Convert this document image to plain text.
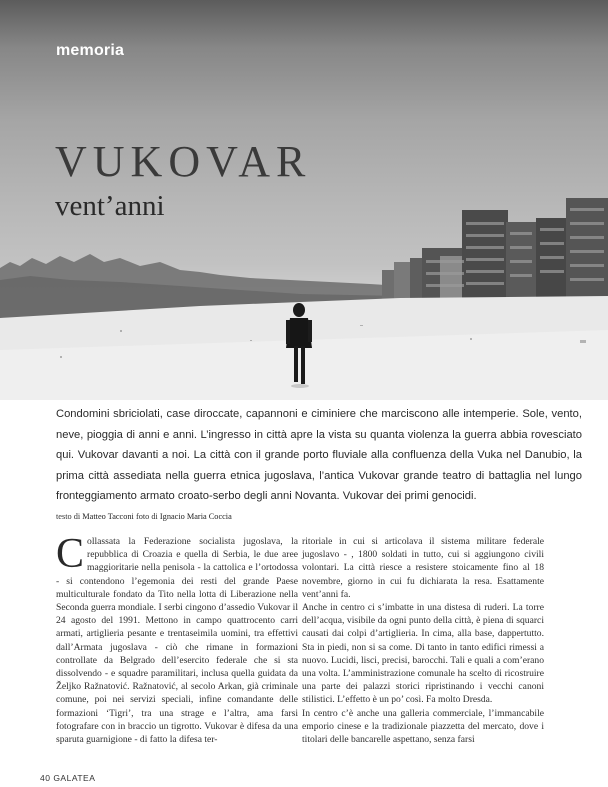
memoria
VUKOVAR
vent’anni
Condomini sbriciolati, case diroccate, capannoni e ciminiere che marciscono alle intemperie. Sole, vento, neve, pioggia di anni e anni. L’ingresso in città apre la vista su quanta violenza la guerra abbia rovesciato qui. Vukovar davanti a noi. La città con il grande porto fluviale alla confluenza della Vuka nel Danubio, la prima città assediata nella guerra etnica jugoslava, l’antica Vukovar grande teatro di battaglia nel lungo fronteggiamento armato croato-serbo degli anni Novanta. Vukovar dei primi genocidi.
testo di Matteo Tacconi foto di Ignacio Maria Coccia

Collassata la Federazione socialista jugoslava, la repubblica di Croazia e quella di Serbia, le due aree maggioritarie nella penisola - la cattolica e l’ortodossa - si contendono l’egemonia dei resti del grande Paese multiculturale fondato da Tito nella lotta di Liberazione nella Seconda guerra mondiale. I serbi cingono d’assedio Vukovar il 24 agosto del 1991. Mettono in campo quattrocento carri armati, artiglieria pesante e trentaseimila uomini, tra effettivi dall’Armata jugoslava - ciò che rimane in formazioni controllate da Belgrado dell’esercito federale che si sta dissolvendo - e squadre paramilitari, inclusa quella guidata da Željko Ražnatović. Ražnatović, al secolo Arkan, già criminale comune, poi nei servizi speciali, infine comandante delle formazioni ‘Tigri’, tra una strage e l’altra, ama farsi fotografare con in braccio un tigrotto. Vukovar è difesa da una sparuta guarnigione - di fatto la difesa ter-

ritoriale in cui si articolava il sistema militare federale jugoslavo - , 1800 soldati in tutto, cui si aggiungono civili volontari. La città riesce a resistere stoicamente fino al 18 novembre, giorno in cui fu dichiarata la resa. Esattamente vent’anni fa.

Anche in centro ci s’imbatte in una distesa di ruderi. La torre dell’acqua, visibile da ogni punto della città, è piena di squarci causati dai colpi d’artiglieria. In cima, alla base, dappertutto. Sta in piedi, non si sa come. Di tanto in tanto edifici rimessi a nuovo. Lucidi, lisci, precisi, barocchi. Tali e quali a com’erano una volta. L’amministrazione comunale ha scelto di ricostruire una parte dei palazzi storici ripristinando i vecchi canoni stilistici. L’effetto è un po’ così. Fa molto Dresda.

In centro c’è anche una galleria commerciale, l’immancabile emporio cinese e la tradizionale piazzetta del mercato, dove i titolari delle bancarelle aspettano, senza farsi

40 GALATEA
